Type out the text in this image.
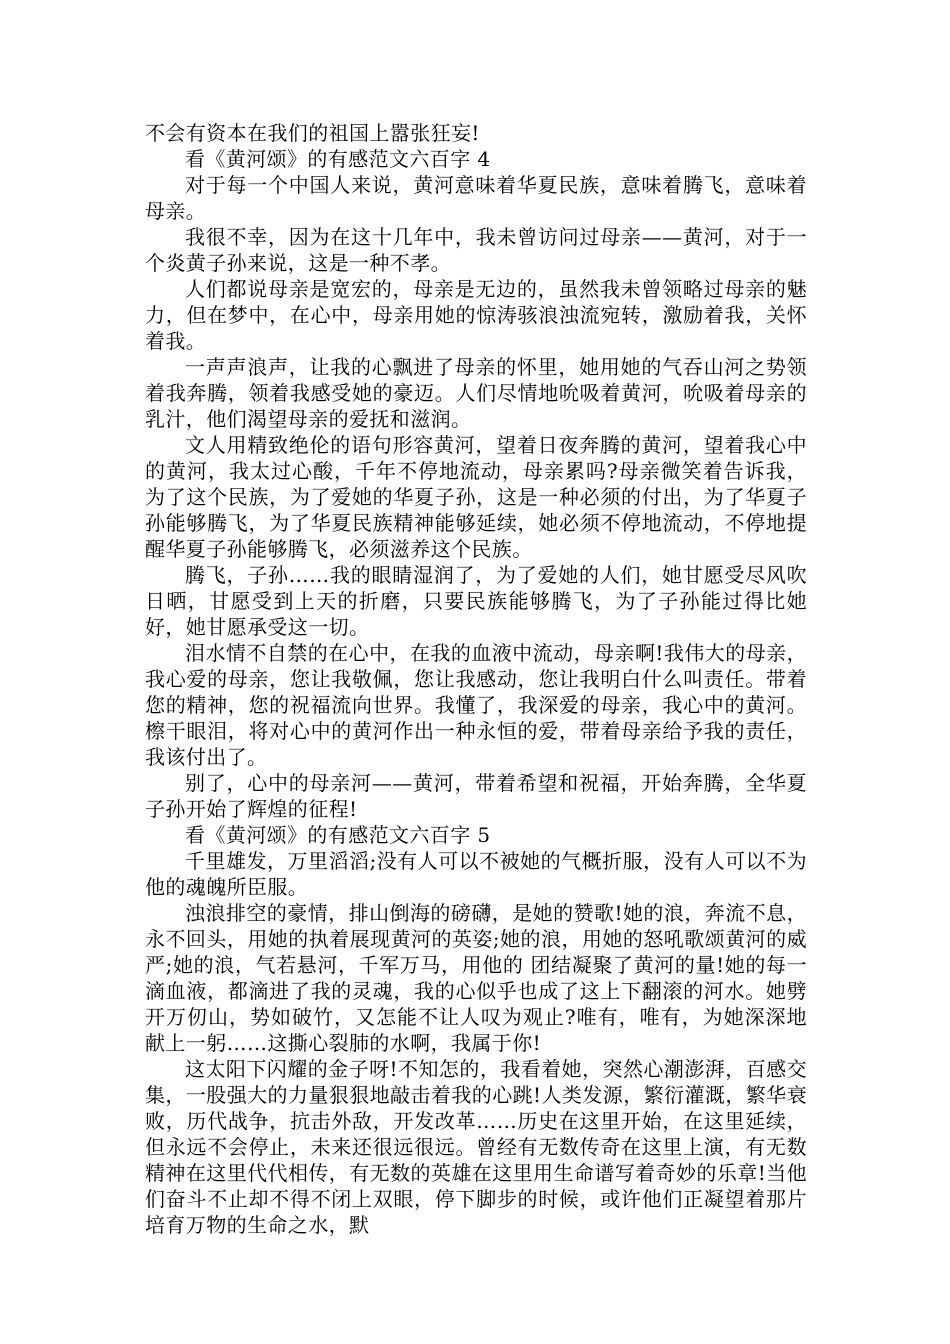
不会有资本在我们的祖国上嚣张狂妄!

看《黄河颂》的有感范文六百字 4

对于每一个中国人来说，黄河意味着华夏民族，意味着腾飞，意味着母亲。

我很不幸，因为在这十几年中，我未曾访问过母亲——黄河，对于一个炎黄子孙来说，这是一种不孝。

人们都说母亲是宽宏的，母亲是无边的，虽然我未曾领略过母亲的魅力，但在梦中，在心中，母亲用她的惊涛骇浪浊流宛转，激励着我，关怀着我。

一声声浪声，让我的心飘进了母亲的怀里，她用她的气吞山河之势领着我奔腾，领着我感受她的豪迈。人们尽情地吮吸着黄河，吮吸着母亲的乳汁，他们渴望母亲的爱抚和滋润。

文人用精致绝伦的语句形容黄河，望着日夜奔腾的黄河，望着我心中的黄河，我太过心酸，千年不停地流动，母亲累吗?母亲微笑着告诉我，为了这个民族，为了爱她的华夏子孙，这是一种必须的付出，为了华夏子孙能够腾飞，为了华夏民族精神能够延续，她必须不停地流动，不停地提醒华夏子孙能够腾飞，必须滋养这个民族。

腾飞，子孙……我的眼睛湿润了，为了爱她的人们，她甘愿受尽风吹日晒，甘愿受到上天的折磨，只要民族能够腾飞，为了子孙能过得比她好，她甘愿承受这一切。

泪水情不自禁的在心中，在我的血液中流动，母亲啊!我伟大的母亲，我心爱的母亲，您让我敬佩，您让我感动，您让我明白什么叫责任。带着您的精神，您的祝福流向世界。我懂了，我深爱的母亲，我心中的黄河。檫干眼泪，将对心中的黄河作出一种永恒的爱，带着母亲给予我的责任，我该付出了。

别了，心中的母亲河——黄河，带着希望和祝福，开始奔腾，全华夏子孙开始了辉煌的征程!

看《黄河颂》的有感范文六百字 5

千里雄发，万里滔滔;没有人可以不被她的气概折服，没有人可以不为他的魂魄所臣服。

浊浪排空的豪情，排山倒海的磅礴，是她的赞歌!她的浪，奔流不息，永不回头，用她的执着展现黄河的英姿;她的浪，用她的怒吼歌颂黄河的威严;她的浪，气若悬河，千军万马，用他的 团结凝聚了黄河的量!她的每一滴血液，都滴进了我的灵魂，我的心似乎也成了这上下翻滚的河水。她劈开万仞山，势如破竹，又怎能不让人叹为观止?唯有，唯有，为她深深地献上一躬……这撕心裂肺的水啊，我属于你!

这太阳下闪耀的金子呀!不知怎的，我看着她，突然心潮澎湃，百感交集，一股强大的力量狠狠地敲击着我的心跳!人类发源，繁衍灌溉，繁华衰败，历代战争，抗击外敌，开发改革……历史在这里开始，在这里延续，但永远不会停止，未来还很远很远。曾经有无数传奇在这里上演，有无数精神在这里代代相传，有无数的英雄在这里用生命谱写着奇妙的乐章!当他们奋斗不止却不得不闭上双眼，停下脚步的时候，或许他们正凝望着那片培育万物的生命之水，默
